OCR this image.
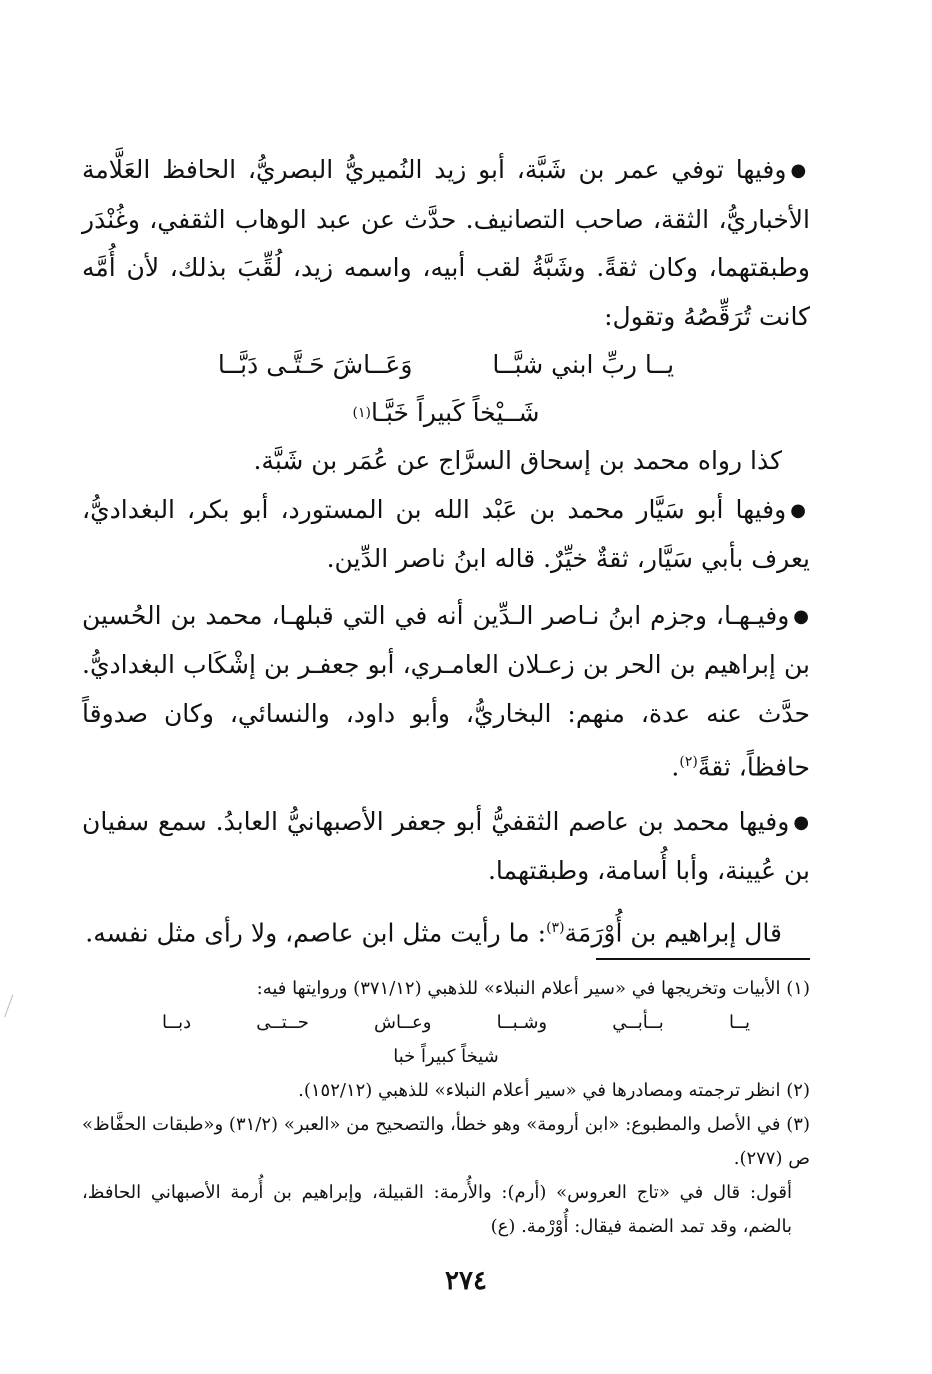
● وفيها توفي عمر بن شَبَّة، أبو زيد النُميريُّ البصريُّ، الحافظ العَلَّامة الأخباريُّ، الثقة، صاحب التصانيف. حدَّث عن عبد الوهاب الثقفي، وغُنْدَر وطبقتهما، وكان ثقةً. وشَبَّةُ لقب أبيه، واسمه زيد، لُقِّبَ بذلك، لأن أُمَّه كانت تُرَقِّصُهُ وتقول:

يــا ربِّ ابني شبَّــا
وَعَــاشَ حَـتَّـى دَبَّــا
شَــيْخاً كَبيراً خَبَّـا
(١)

كذا رواه محمد بن إسحاق السرَّاج عن عُمَر بن شَبَّة.

● وفيها أبو سَيَّار محمد بن عَبْد الله بن المستورد، أبو بكر، البغداديُّ، يعرف بأبي سَيَّار، ثقةٌ خيِّرٌ. قاله ابنُ ناصر الدِّين.

● وفيـهـا، وجزم ابنُ نـاصر الـدِّين أنه في التي قبلهـا، محمد بن الحُسين بن إبراهيم بن الحر بن زعـلان العامـري، أبو جعفـر بن إشْكَاب البغداديُّ. حدَّث عنه عدة، منهم: البخاريُّ، وأبو داود، والنسائي، وكان صدوقاً حافظاً، ثقةً$^{(٢)}$.

● وفيها محمد بن عاصم الثقفيُّ أبو جعفر الأصبهانيُّ العابدُ. سمع سفيان بن عُيينة، وأبا أُسامة، وطبقتهما.

قال إبراهيم بن أُوْرَمَة$^{(٣)}$: ما رأيت مثل ابن عاصم، ولا رأى مثل نفسه.

(١) الأبيات وتخريجها في «سير أعلام النبلاء» للذهبي (٣٧١/١٢) وروايتها فيه:

يــا
بــأبــي
وشـبــا
وعــاش
حــتــى
دبــا
شيخاً كبيراً خبا

(٢) انظر ترجمته ومصادرها في «سير أعلام النبلاء» للذهبي (١٥٢/١٢).

(٣) في الأصل والمطبوع: «ابن أرومة» وهو خطأ، والتصحيح من «العبر» (٣١/٢) و«طبقات الحفَّاظ» ص (٢٧٧).

أقول: قال في «تاج العروس» (أرم): والأُرمة: القبيلة، وإبراهيم بن أُرمة الأصبهاني الحافظ، بالضم، وقد تمد الضمة فيقال: أُوْرْمة. (ع)

٢٧٤
